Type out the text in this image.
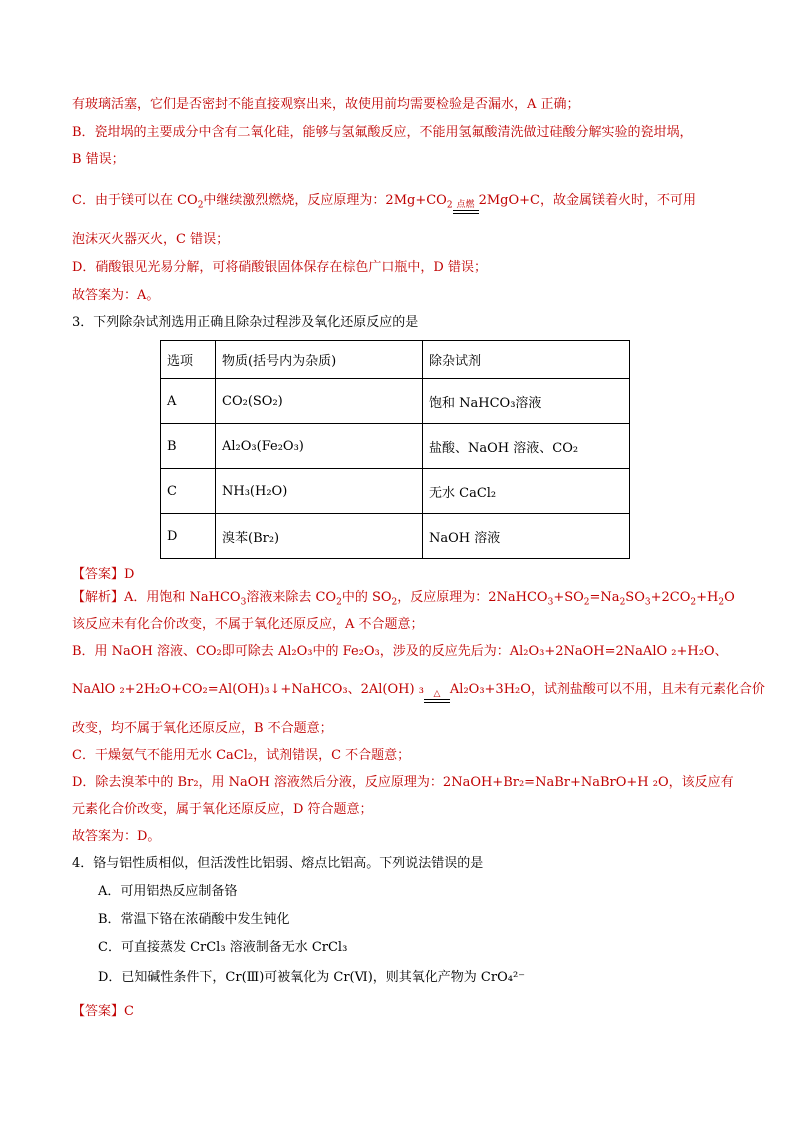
有玻璃活塞，它们是否密封不能直接观察出来，故使用前均需要检验是否漏水，A 正确；
B．瓷坩埚的主要成分中含有二氧化硅，能够与氢氟酸反应，不能用氢氟酸清洗做过硅酸分解实验的瓷坩埚，
B 错误；
C．由于镁可以在 $CO_2$中继续激烈燃烧，反应原理为：$2Mg+CO_2$ 点燃 2MgO+C，故金属镁着火时，不可用
泡沫灭火器灭火，C 错误；
D．硝酸银见光易分解，可将硝酸银固体保存在棕色广口瓶中，D 错误；
故答案为：A。
3．下列除杂试剂选用正确且除杂过程涉及氧化还原反应的是
选项	物质(括号内为杂质)	除杂试剂
A	CO₂(SO₂)	饱和 NaHCO₃溶液
B	Al₂O₃(Fe₂O₃)	盐酸、NaOH 溶液、CO₂
C	NH₃(H₂O)	无水 CaCl₂
D	溴苯(Br₂)	NaOH 溶液
【答案】D
【解析】A．用饱和 NaHCO$_3$溶液来除去 $CO_2$中的 $SO_2$，反应原理为：$2NaHCO_3+SO_2=Na_2SO_3+2CO_2+H_2O$
该反应未有化合价改变，不属于氧化还原反应，A 不合题意；
B．用 NaOH 溶液、CO₂即可除去 Al₂O₃中的 Fe₂O₃，涉及的反应先后为：Al₂O₃+2NaOH=2NaAlO ₂+H₂O、
NaAlO ₂+2H₂O+CO₂=Al(OH)₃↓+NaHCO₃、2Al(OH) ₃	△ Al₂O₃+3H₂O，试剂盐酸可以不用，且未有元素化合价
改变，均不属于氧化还原反应，B 不合题意；
C．干燥氨气不能用无水 CaCl₂，试剂错误，C 不合题意；
D．除去溴苯中的 Br₂，用 NaOH 溶液然后分液，反应原理为：2NaOH+Br₂=NaBr+NaBrO+H ₂O，该反应有
元素化合价改变，属于氧化还原反应，D 符合题意；
故答案为：D。
4．铬与铝性质相似，但活泼性比铝弱、熔点比铝高。下列说法错误的是
A．可用铝热反应制备铬
B．常温下铬在浓硝酸中发生钝化
C．可直接蒸发 CrCl₃ 溶液制备无水 CrCl₃
D．已知碱性条件下，Cr(Ⅲ)可被氧化为 Cr(Ⅵ)，则其氧化产物为 CrO₄²⁻
【答案】C
